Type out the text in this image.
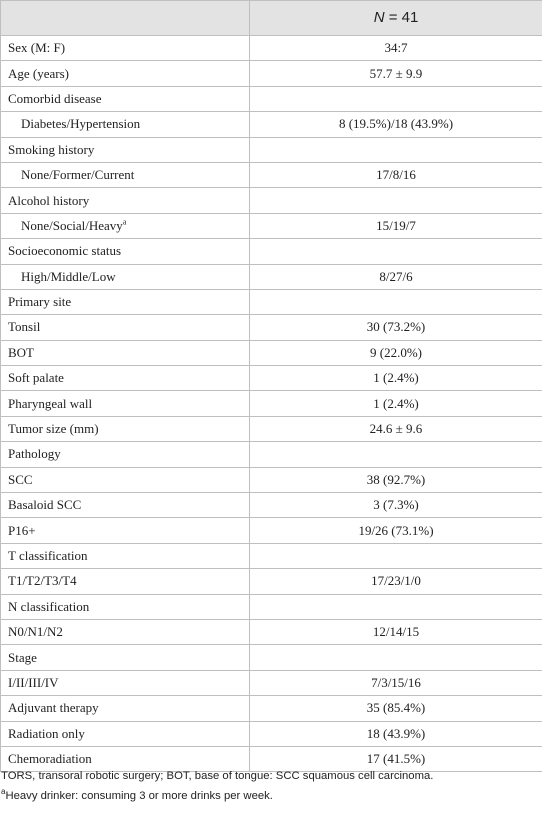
	N = 41
Sex (M: F)	34:7
Age (years)	57.7 ± 9.9
Comorbid disease	
Diabetes/Hypertension	8 (19.5%)/18 (43.9%)
Smoking history	
None/Former/Current	17/8/16
Alcohol history	
None/Social/Heavy$^a$	15/19/7
Socioeconomic status	
High/Middle/Low	8/27/6
Primary site	
Tonsil	30 (73.2%)
BOT	9 (22.0%)
Soft palate	1 (2.4%)
Pharyngeal wall	1 (2.4%)
Tumor size (mm)	24.6 ± 9.6
Pathology	
SCC	38 (92.7%)
Basaloid SCC	3 (7.3%)
P16+	19/26 (73.1%)
T classification	
T1/T2/T3/T4	17/23/1/0
N classification	
N0/N1/N2	12/14/15
Stage	
I/II/III/IV	7/3/15/16
Adjuvant therapy	35 (85.4%)
Radiation only	18 (43.9%)
Chemoradiation	17 (41.5%)

TORS, transoral robotic surgery; BOT, base of tongue: SCC squamous cell carcinoma.

$^a$Heavy drinker: consuming 3 or more drinks per week.
